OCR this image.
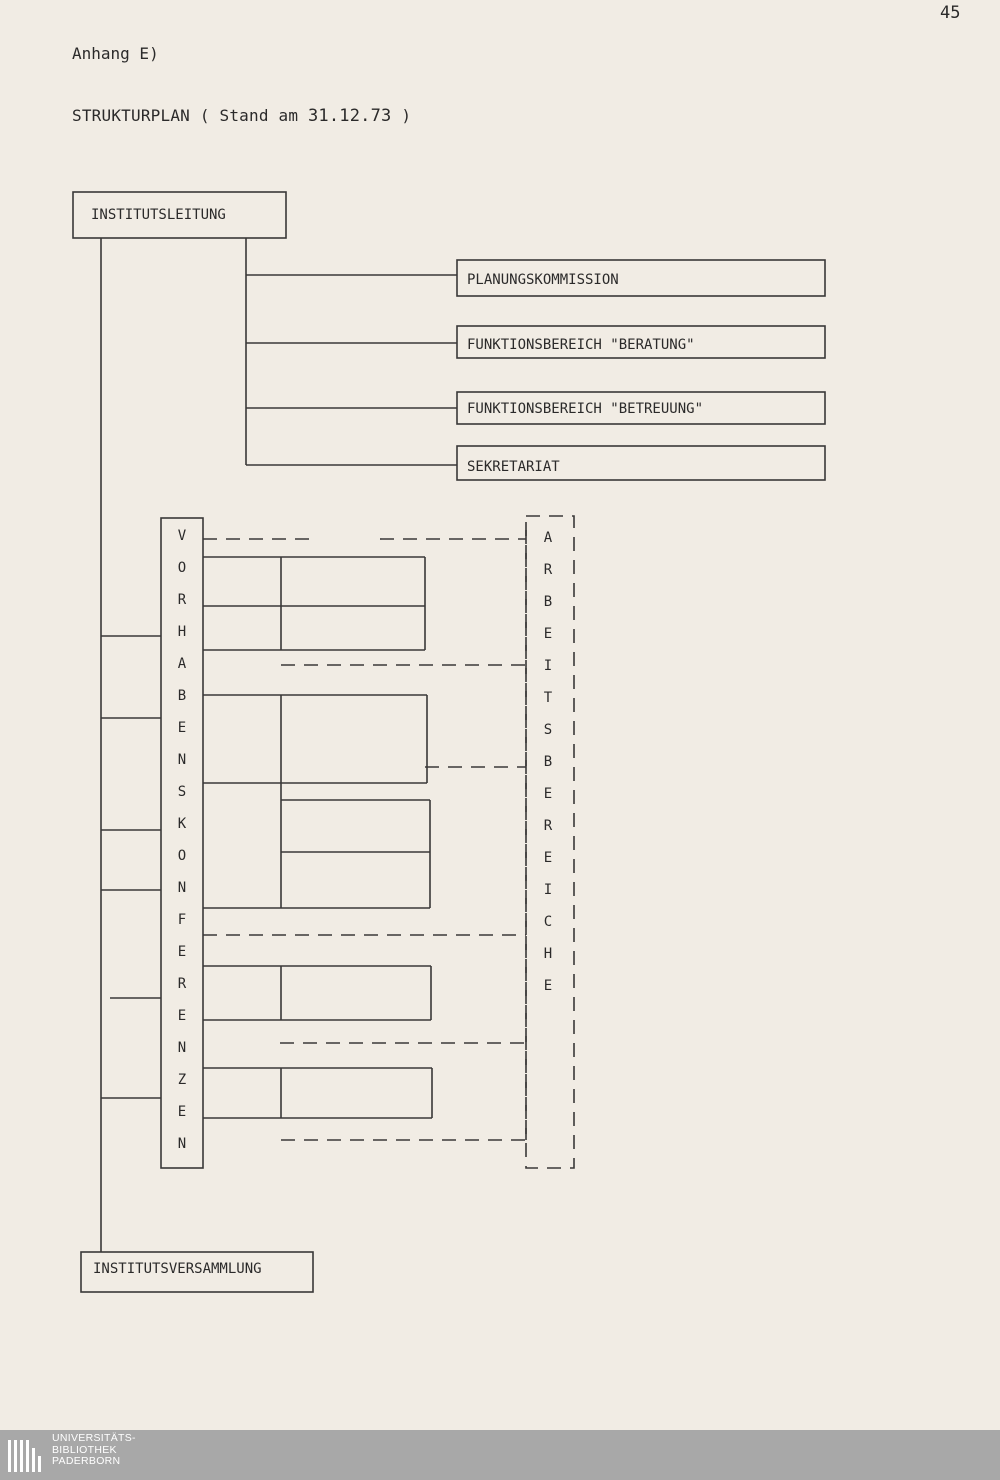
45
Anhang E)
STRUKTURPLAN ( Stand am 31.12.73 )
INSTITUTSLEITUNG
PLANUNGSKOMMISSION
FUNKTIONSBEREICH "BERATUNG"
FUNKTIONSBEREICH "BETREUUNG"
SEKRETARIAT
INSTITUTSVERSAMMLUNG
V
O
R
H
A
B
E
N
S
K
O
N
F
E
R
E
N
Z
E
N
A
R
B
E
I
T
S
B
E
R
E
I
C
H
E
UNIVERSITÄTS-
BIBLIOTHEK
PADERBORN
